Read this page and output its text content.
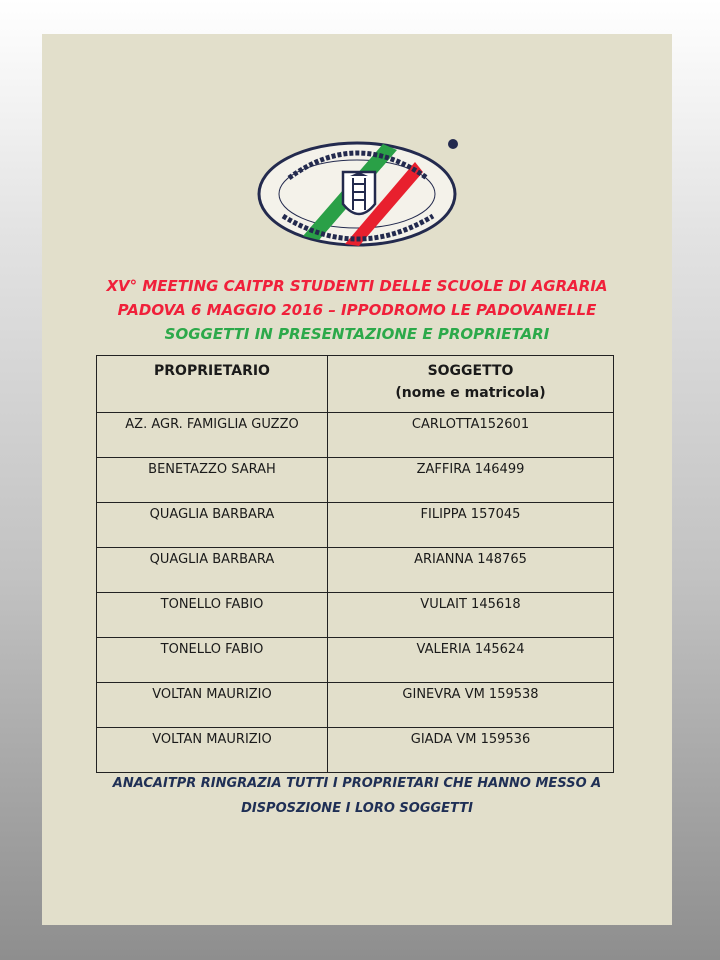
XV° MEETING CAITPR STUDENTI DELLE SCUOLE DI AGRARIA
PADOVA 6 MAGGIO 2016 – IPPODROMO LE PADOVANELLE
SOGGETTI IN PRESENTAZIONE E PROPRIETARI
PROPRIETARIO	SOGGETTO
(nome e matricola)

AZ. AGR. FAMIGLIA GUZZO	CARLOTTA152601
BENETAZZO SARAH	ZAFFIRA 146499
QUAGLIA BARBARA	FILIPPA 157045
QUAGLIA BARBARA	ARIANNA 148765
TONELLO FABIO	VULAIT 145618
TONELLO FABIO	VALERIA 145624
VOLTAN MAURIZIO	GINEVRA VM 159538
VOLTAN MAURIZIO	GIADA VM 159536
ANACAITPR RINGRAZIA TUTTI I PROPRIETARI CHE HANNO MESSO A
DISPOSZIONE I LORO SOGGETTI
